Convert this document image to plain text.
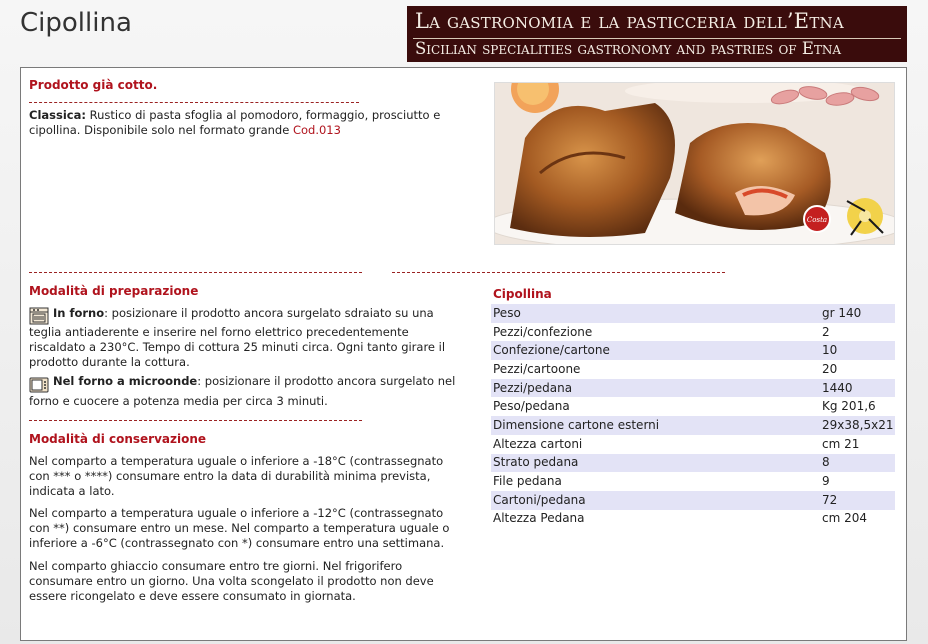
Cipollina	La gastronomia e la pasticceria dell’Etna
Sicilian specialities gastronomy and pastries of Etna
Prodotto già cotto.

Classica: Rustico di pasta sfoglia al pomodoro, formaggio, prosciutto e cipollina. Disponibile solo nel formato grande Cod.013

Costa
Modalità di preparazione
In forno: posizionare il prodotto ancora surgelato sdraiato su una teglia antiaderente e inserire nel forno elettrico precedentemente riscaldato a 230°C. Tempo di cottura 25 minuti circa. Ogni tanto girare il prodotto durante la cottura.
Nel forno a microonde: posizionare il prodotto ancora surgelato nel forno e cuocere a potenza media per circa 3 minuti.
Modalità di conservazione

Nel comparto a temperatura uguale o inferiore a -18°C (contrassegnato con *** o ****) consumare entro la data di durabilità minima prevista, indicata a lato.

Nel comparto a temperatura uguale o inferiore a -12°C (contrassegnato con **) consumare entro un mese. Nel comparto a temperatura uguale o inferiore a -6°C (contrassegnato con *) consumare entro una settimana.

Nel comparto ghiaccio consumare entro tre giorni. Nel frigorifero consumare entro un giorno. Una volta scongelato il prodotto non deve essere ricongelato e deve essere consumato in giornata.

Cipollina
Peso	gr 140
Pezzi/confezione	2
Confezione/cartone	10
Pezzi/cartoone	20
Pezzi/pedana	1440
Peso/pedana	Kg 201,6
Dimensione cartone esterni	29x38,5x21
Altezza cartoni	cm 21
Strato pedana	8
File pedana	9
Cartoni/pedana	72
Altezza Pedana	cm 204
